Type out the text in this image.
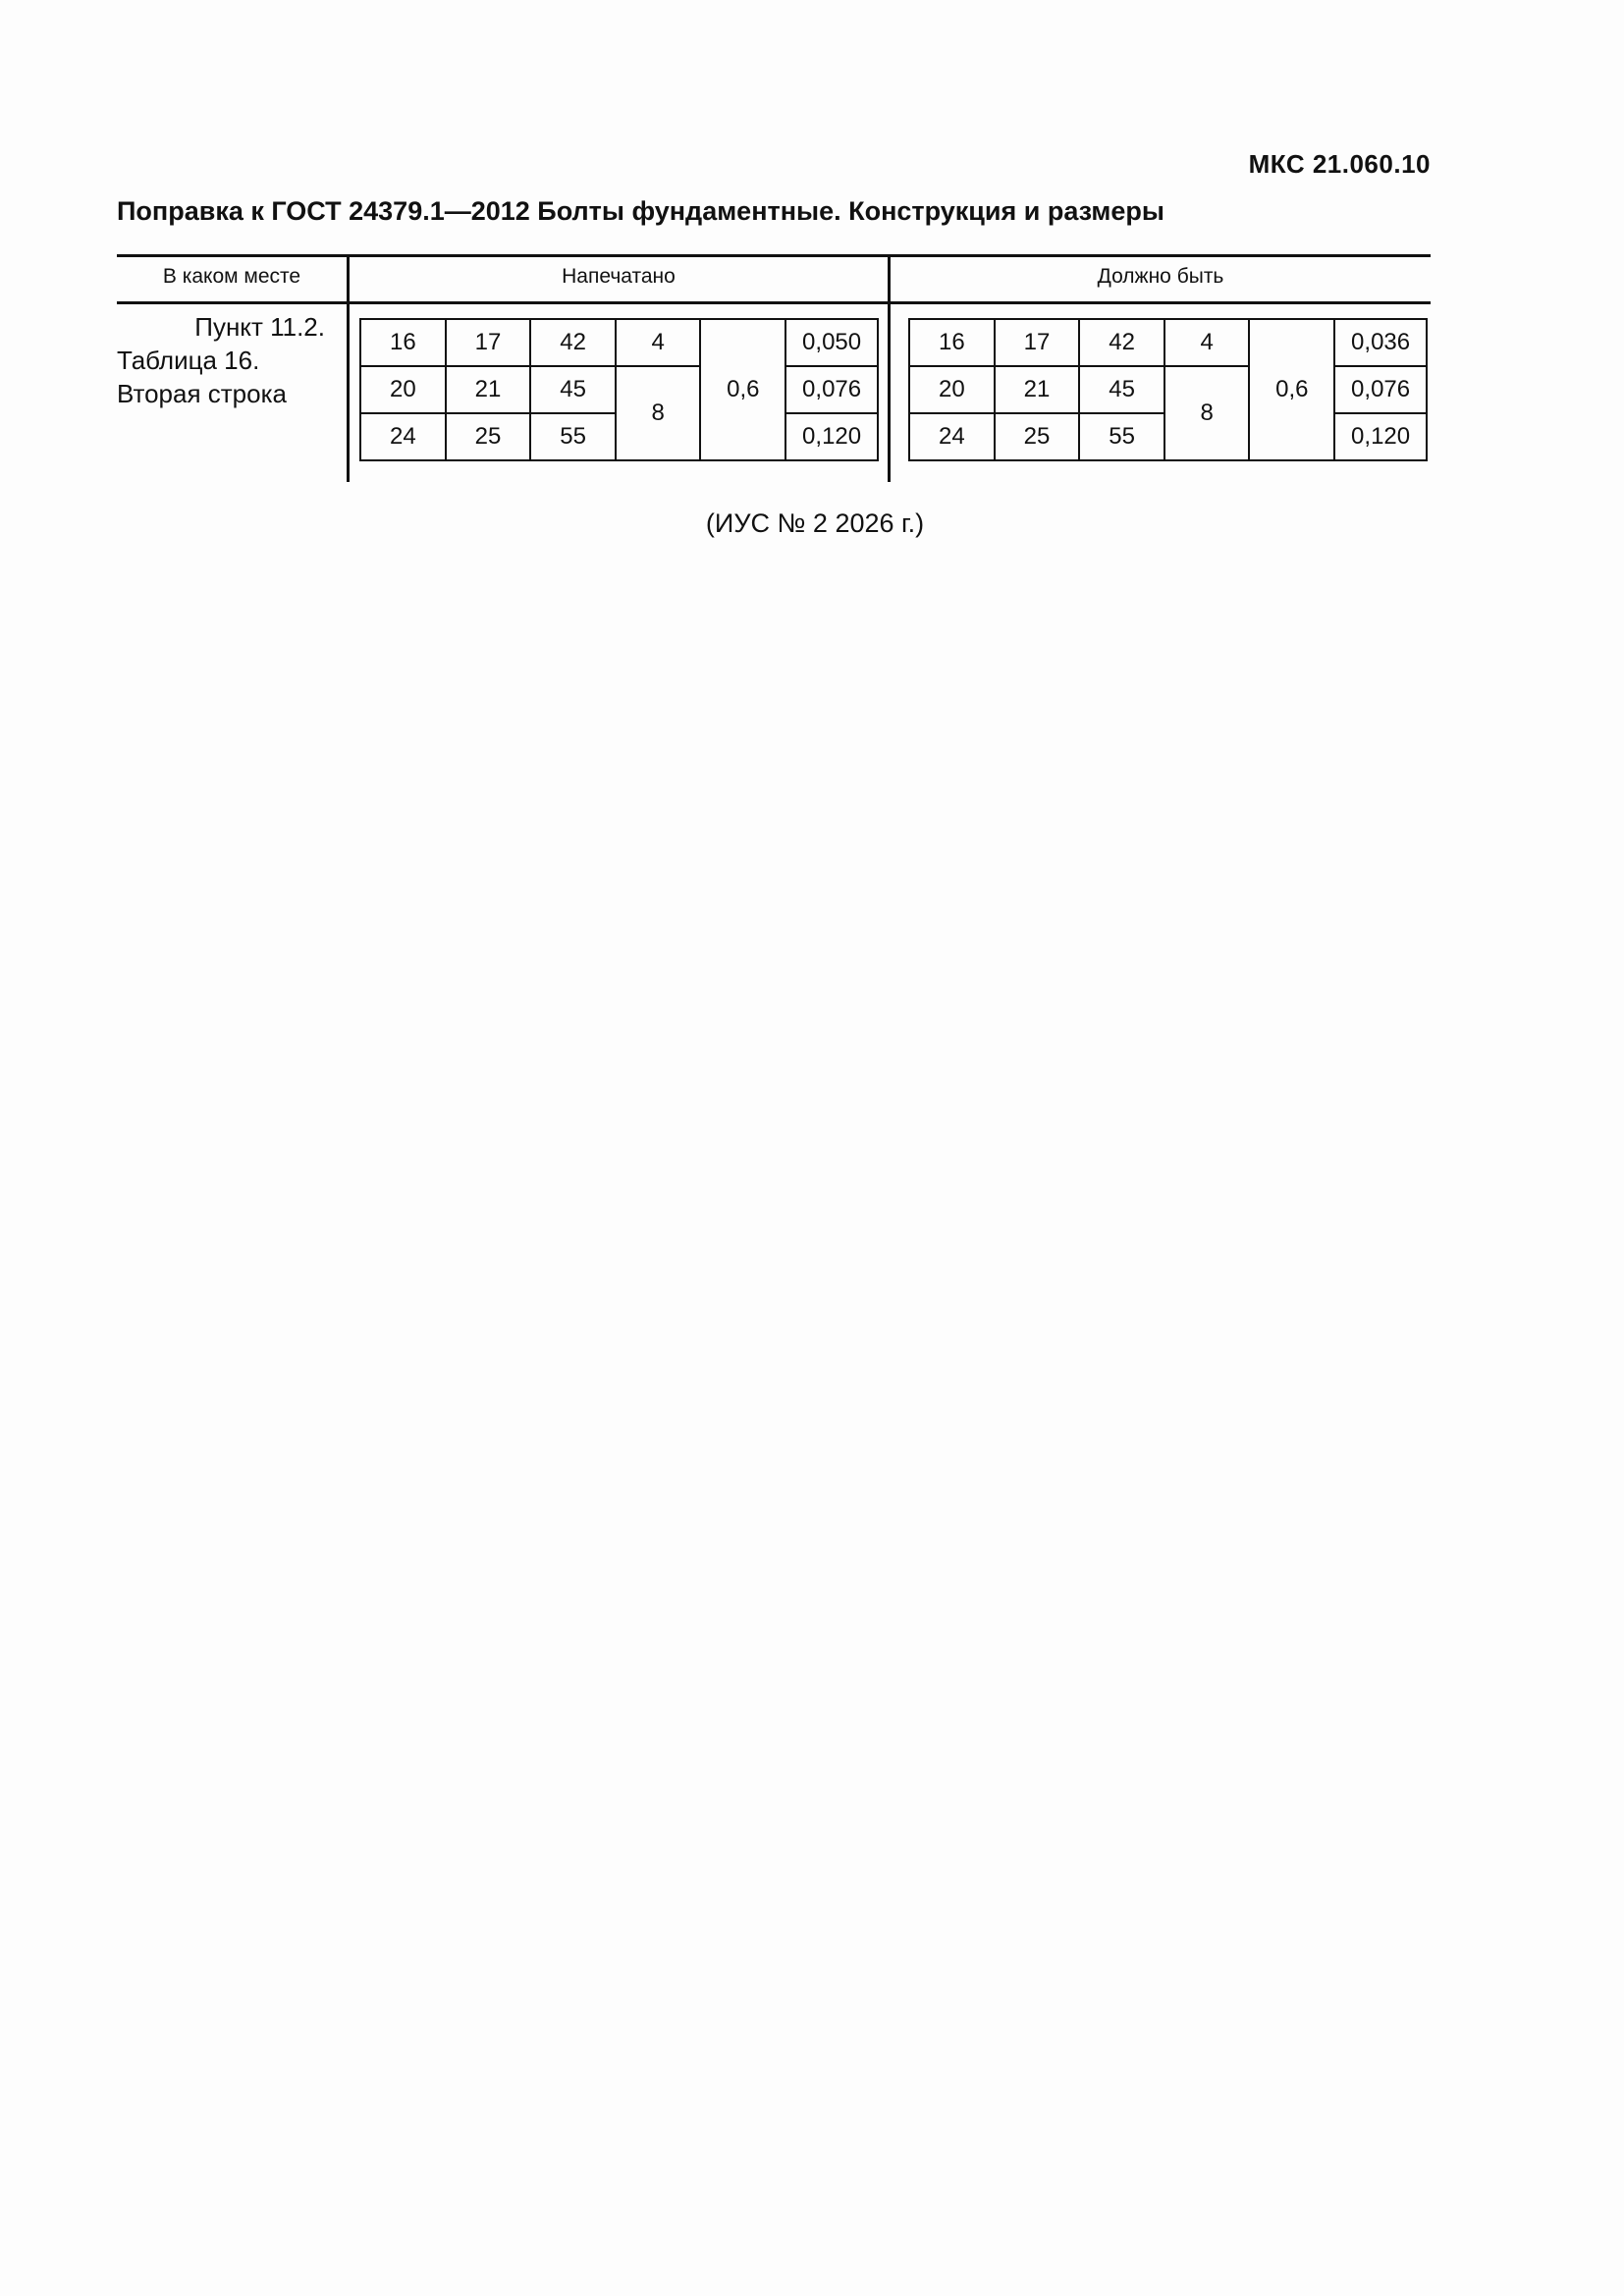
МКС 21.060.10
Поправка к ГОСТ 24379.1—2012 Болты фундаментные. Конструкция и размеры
В каком месте	Напечатано	Должно быть
Пункт 11.2.
Таблица 16.
Вторая строка
16	17	42	4	0,6	0,050
20	21	45	8		0,076
24	25	55			0,120
16	17	42	4	0,6	0,036
20	21	45	8		0,076
24	25	55			0,120
(ИУС № 2 2026 г.)
